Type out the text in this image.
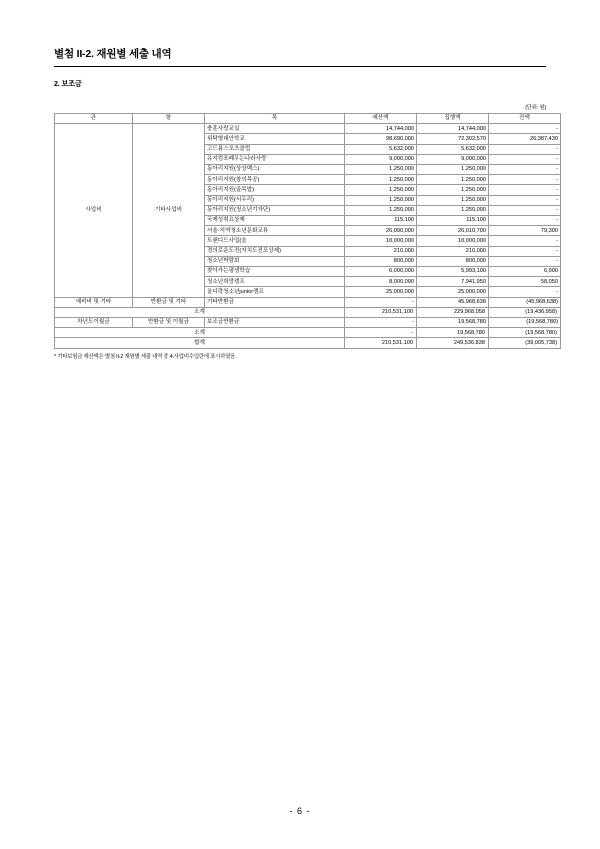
별첨 II-2. 재원별 세출 내역
2. 보조금
(단위: 원)
관	항	목	예산액	집행액	잔액
사업비	기타사업비	충훈사랑교실	14,744,000	14,744,000	-
		위탁형대안학교	98,690,000	72,302,570	26,387,430
		고드름스포츠클럽	5,632,000	5,632,000	-
		유지컴포폐우는나라사랑	9,000,000	9,000,000	-
		동아리지원(상상백스)	1,250,000	1,250,000	-
		동아리지원(창의목공)	1,250,000	1,250,000	-
		동아리지원(골목밥)	1,250,000	1,250,000	-
		동아리지원(서우리)	1,250,000	1,250,000	-
		동아리지원(청소년기자단)	1,250,000	1,250,000	-
		국제성취요상제	115,100	115,100	-
		서울·지역청소년문화교류	26,090,000	26,010,700	79,300
		트랜디드사업(을	10,000,000	10,000,000	-
		경의로운도전(자치도전포상제)	210,000	210,000	-
		청소년박람회	800,000	800,000	-
		찾아가는평생학습	6,000,000	5,993,100	6,900
		청소년희망캠프	8,000,000	7,941,950	58,050
		올디락청소년junior캠프	25,000,000	25,000,000	-
예비비 및 기타	반환금 및 기타	기타반환금	-	45,968,638	(45,968,638)
소계			210,531,100	229,968,058	(19,436,958)
차년도이월금	반환금 및 이월금	보조금반환금	-	19,568,780	(19,568,780)
소계			-	19,568,780	(19,568,780)
합계			210,531,100	249,536,838	(39,005,738)
* 기타보험금 예산액은 별첨 II-2 재원별 세출 내역 중 4.사업비수입란에 표시하였음.
- 6 -
